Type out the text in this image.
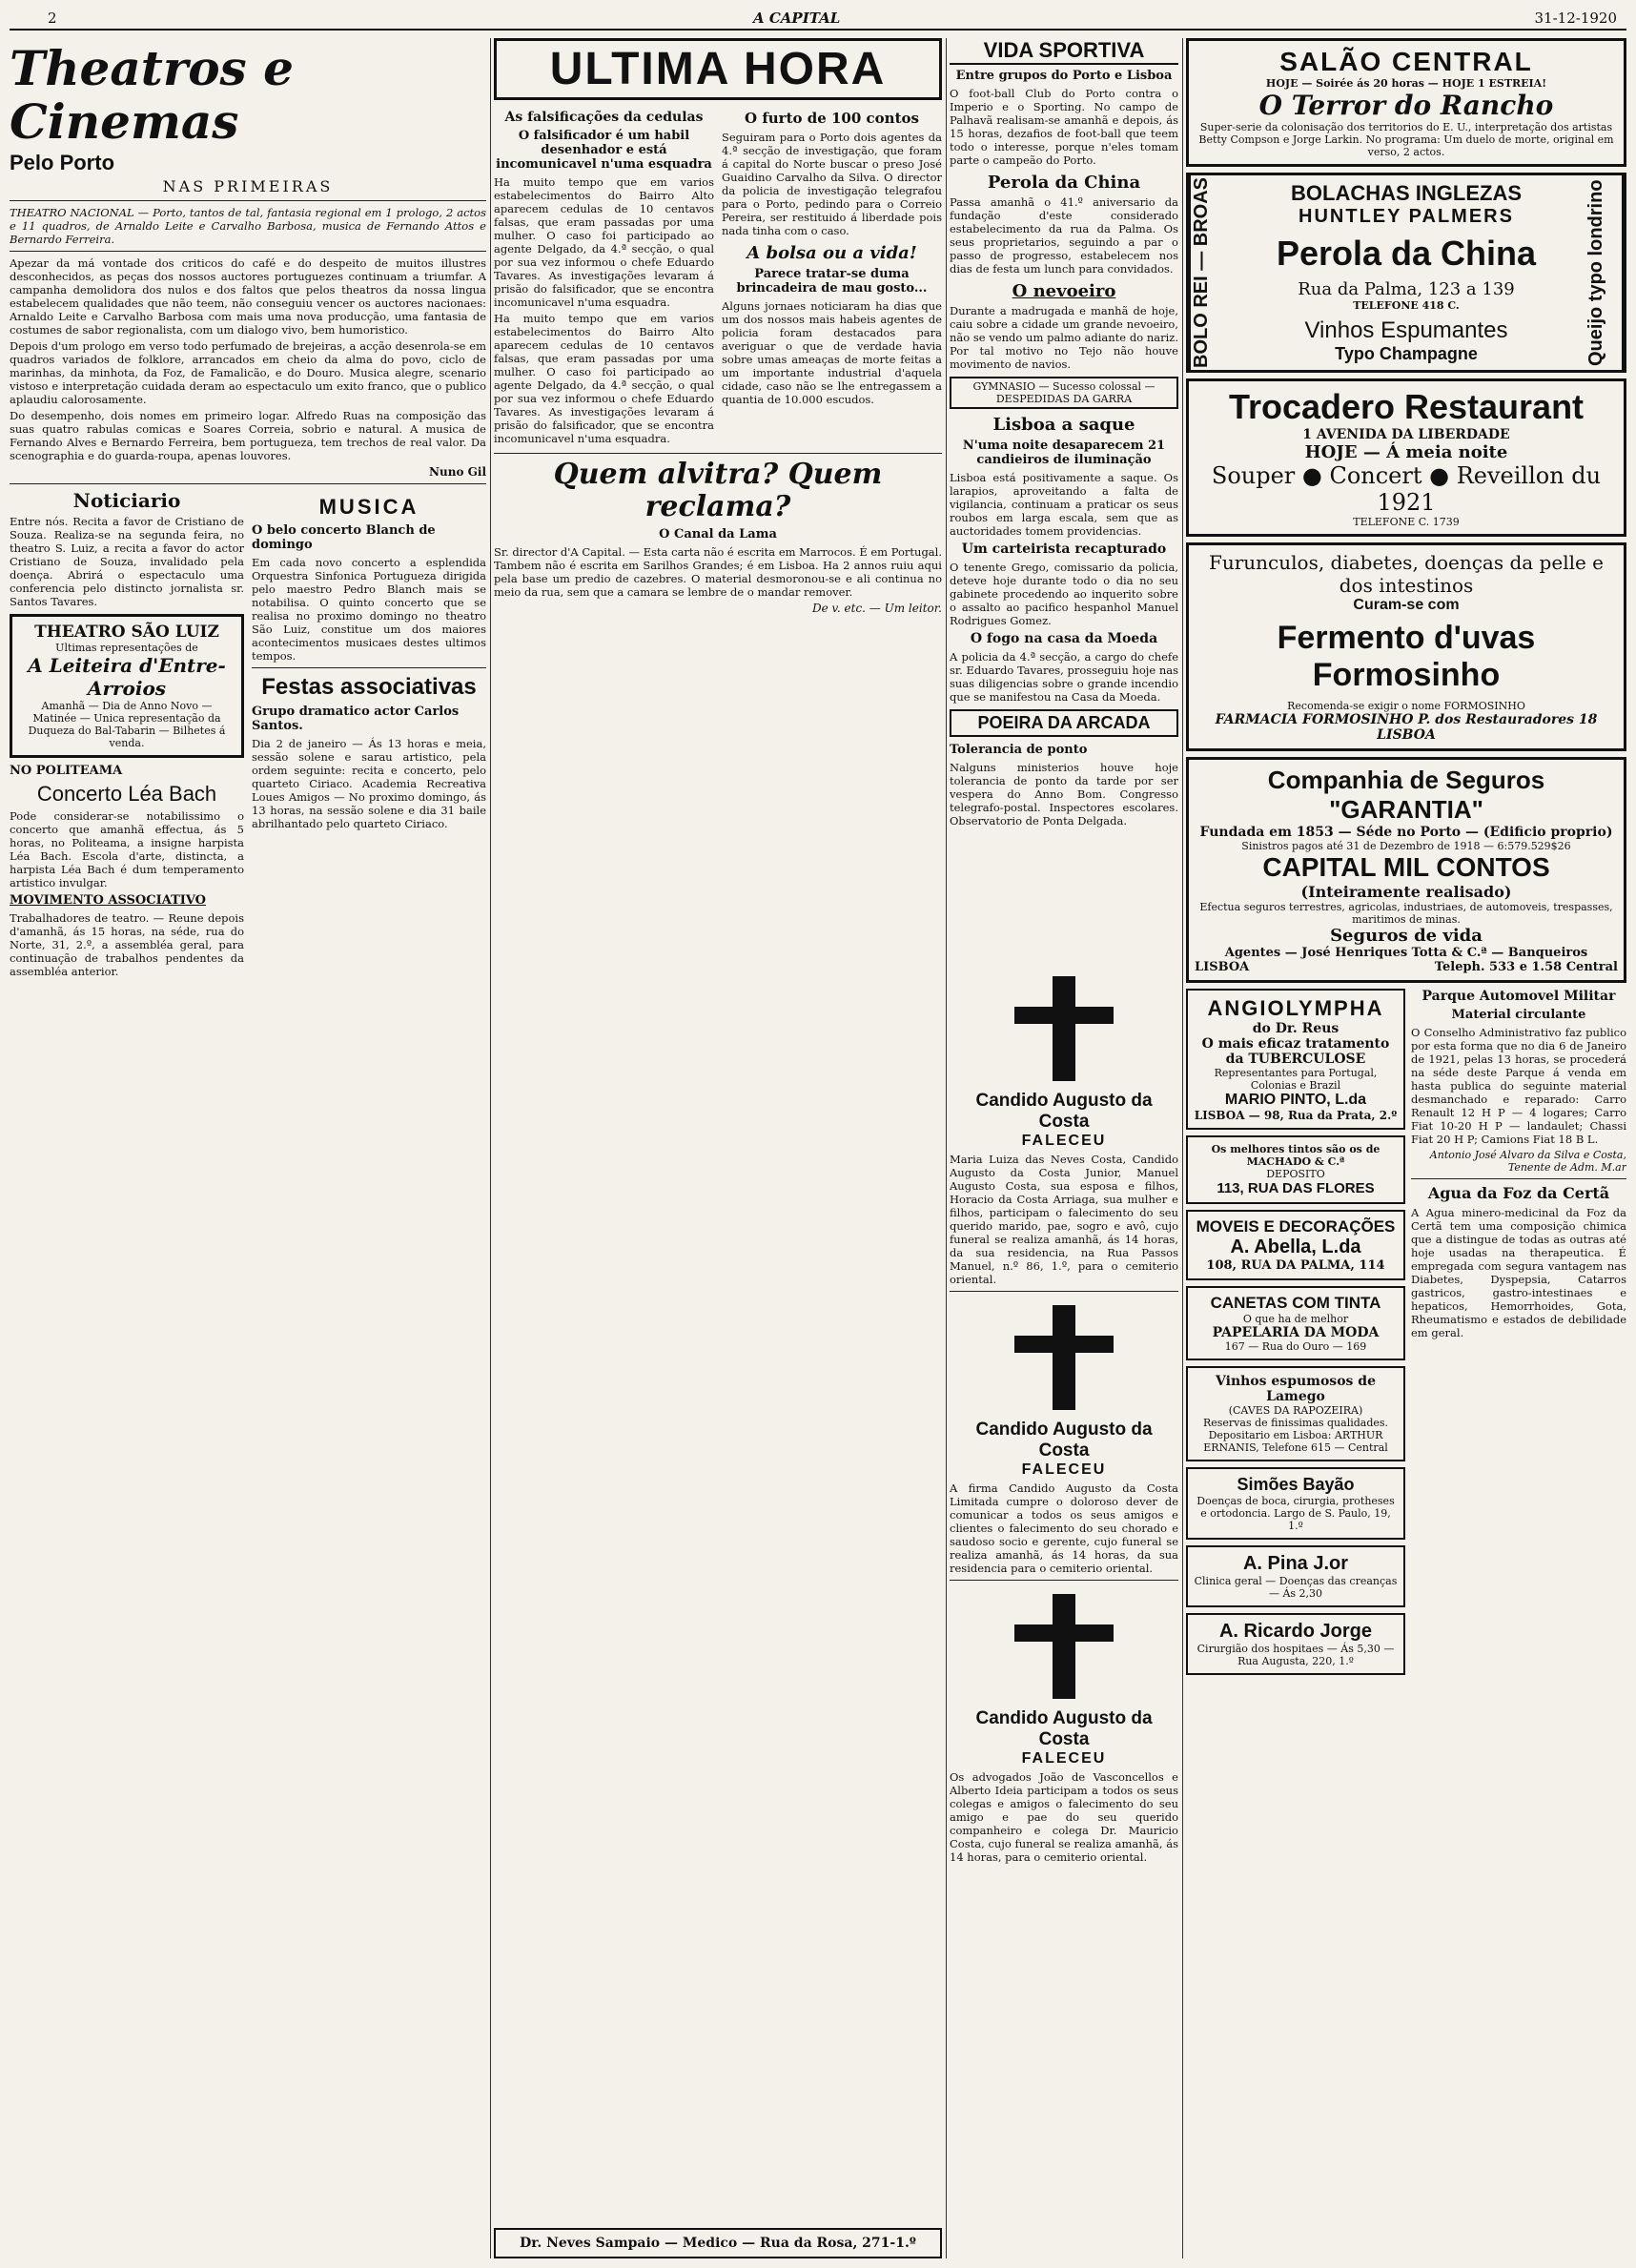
2	A CAPITAL	31-12-1920
Theatros e Cinemas
Pelo Porto
NAS PRIMEIRAS
THEATRO NACIONAL — Porto, tantos de tal, fantasia regional em 1 prologo, 2 actos e 11 quadros, de Arnaldo Leite e Carvalho Barbosa, musica de Fernando Attos e Bernardo Ferreira.
Apezar da má vontade dos criticos do café e do despeito de muitos illustres desconhecidos, as peças dos nossos auctores portuguezes continuam a triumfar. A campanha demolidora dos nulos e dos faltos que pelos theatros da nossa lingua estabelecem qualidades que não teem, não conseguiu vencer os auctores nacionaes: Arnaldo Leite e Carvalho Barbosa com mais uma nova producção, uma fantasia de costumes de sabor regionalista, com um dialogo vivo, bem humoristico.
Depois d'um prologo em verso todo perfumado de brejeiras, a acção desenrola-se em quadros variados de folklore, arrancados em cheio da alma do povo, ciclo de marinhas, da minhota, da Foz, de Famalicão, e do Douro. Musica alegre, scenario vistoso e interpretação cuidada deram ao espectaculo um exito franco, que o publico aplaudiu calorosamente.
Do desempenho, dois nomes em primeiro logar. Alfredo Ruas na composição das suas quatro rabulas comicas e Soares Correia, sobrio e natural. A musica de Fernando Alves e Bernardo Ferreira, bem portugueza, tem trechos de real valor. Da scenographia e do guarda-roupa, apenas louvores.
Nuno Gil
Noticiario
Entre nós. Recita a favor de Cristiano de Souza. Realiza-se na segunda feira, no theatro S. Luiz, a recita a favor do actor Cristiano de Souza, invalidado pela doença. Abrirá o espectaculo uma conferencia pelo distincto jornalista sr. Santos Tavares.
THEATRO SÃO LUIZ
Ultimas representações de
A Leiteira d'Entre-Arroios
Amanhã — Dia de Anno Novo — Matinée — Unica representação da Duqueza do Bal-Tabarin — Bilhetes á venda.
NO POLITEAMA
Concerto Léa Bach
Pode considerar-se notabilissimo o concerto que amanhã effectua, ás 5 horas, no Politeama, a insigne harpista Léa Bach. Escola d'arte, distincta, a harpista Léa Bach é dum temperamento artistico invulgar.
MOVIMENTO ASSOCIATIVO
Trabalhadores de teatro. — Reune depois d'amanhã, ás 15 horas, na séde, rua do Norte, 31, 2.º, a assembléa geral, para continuação de trabalhos pendentes da assembléa anterior.
MUSICA
O belo concerto Blanch de domingo
Em cada novo concerto a esplendida Orquestra Sinfonica Portugueza dirigida pelo maestro Pedro Blanch mais se notabilisa. O quinto concerto que se realisa no proximo domingo no theatro São Luiz, constitue um dos maiores acontecimentos musicaes destes ultimos tempos.
Festas associativas
Grupo dramatico actor Carlos Santos.
Dia 2 de janeiro — Ás 13 horas e meia, sessão solene e sarau artistico, pela ordem seguinte: recita e concerto, pelo quarteto Ciriaco. Academia Recreativa Loues Amigos — No proximo domingo, ás 13 horas, na sessão solene e dia 31 baile abrilhantado pelo quarteto Ciriaco.
ULTIMA HORA
As falsificações da cedulas
O falsificador é um habil desenhador e está incomunicavel n'uma esquadra
Ha muito tempo que em varios estabelecimentos do Bairro Alto aparecem cedulas de 10 centavos falsas, que eram passadas por uma mulher. O caso foi participado ao agente Delgado, da 4.ª secção, o qual por sua vez informou o chefe Eduardo Tavares. As investigações levaram á prisão do falsificador, que se encontra incomunicavel n'uma esquadra.
Ha muito tempo que em varios estabelecimentos do Bairro Alto aparecem cedulas de 10 centavos falsas, que eram passadas por uma mulher. O caso foi participado ao agente Delgado, da 4.ª secção, o qual por sua vez informou o chefe Eduardo Tavares. As investigações levaram á prisão do falsificador, que se encontra incomunicavel n'uma esquadra.
O furto de 100 contos
Seguiram para o Porto dois agentes da 4.ª secção de investigação, que foram á capital do Norte buscar o preso José Guaidino Carvalho da Silva. O director da policia de investigação telegrafou para o Porto, pedindo para o Correio Pereira, ser restituido á liberdade pois nada tinha com o caso.
A bolsa ou a vida!
Parece tratar-se duma brincadeira de mau gosto...
Alguns jornaes noticiaram ha dias que um dos nossos mais habeis agentes de policia foram destacados para averiguar o que de verdade havia sobre umas ameaças de morte feitas a um importante industrial d'aquela cidade, caso não se lhe entregassem a quantia de 10.000 escudos.
Quem alvitra? Quem reclama?
O Canal da Lama
Sr. director d'A Capital. — Esta carta não é escrita em Marrocos. É em Portugal. Tambem não é escrita em Sarilhos Grandes; é em Lisboa. Ha 2 annos ruiu aqui pela base um predio de cazebres. O material desmoronou-se e ali continua no meio da rua, sem que a camara se lembre de o mandar remover.
De v. etc. — Um leitor.
Dr. Neves Sampaio — Medico — Rua da Rosa, 271-1.º
VIDA SPORTIVA
Entre grupos do Porto e Lisboa
O foot-ball Club do Porto contra o Imperio e o Sporting. No campo de Palhavã realisam-se amanhã e depois, ás 15 horas, dezafios de foot-ball que teem todo o interesse, porque n'eles tomam parte o campeão do Porto.
Perola da China
Passa amanhã o 41.º aniversario da fundação d'este considerado estabelecimento da rua da Palma. Os seus proprietarios, seguindo a par o passo de progresso, estabelecem nos dias de festa um lunch para convidados.
O nevoeiro
Durante a madrugada e manhã de hoje, caiu sobre a cidade um grande nevoeiro, não se vendo um palmo adiante do nariz. Por tal motivo no Tejo não houve movimento de navios.
GYMNASIO — Sucesso colossal — DESPEDIDAS DA GARRA
Lisboa a saque
N'uma noite desaparecem 21 candieiros de iluminação
Lisboa está positivamente a saque. Os larapios, aproveitando a falta de vigilancia, continuam a praticar os seus roubos em larga escala, sem que as auctoridades tomem providencias.
Um carteirista recapturado
O tenente Grego, comissario da policia, deteve hoje durante todo o dia no seu gabinete procedendo ao inquerito sobre o assalto ao pacifico hespanhol Manuel Rodrigues Gomez.
O fogo na casa da Moeda
A policia da 4.ª secção, a cargo do chefe sr. Eduardo Tavares, prosseguiu hoje nas suas diligencias sobre o grande incendio que se manifestou na Casa da Moeda.
POEIRA DA ARCADA
Tolerancia de ponto
Nalguns ministerios houve hoje tolerancia de ponto da tarde por ser vespera do Anno Bom. Congresso telegrafo-postal. Inspectores escolares. Observatorio de Ponta Delgada.
SALÃO CENTRAL
HOJE — Soirée ás 20 horas — HOJE 1 ESTREIA!
O Terror do Rancho
Super-serie da colonisação dos territorios do E. U., interpretação dos artistas Betty Compson e Jorge Larkin. No programa: Um duelo de morte, original em verso, 2 actos.
BOLO REI — BROAS	BOLACHAS INGLEZAS
HUNTLEY PALMERS
Perola da China
Rua da Palma, 123 a 139
TELEFONE 418 C.
Vinhos Espumantes
Typo Champagne	Queijo typo londrino
Trocadero Restaurant
1 AVENIDA DA LIBERDADE
HOJE — Á meia noite
Souper ● Concert ● Reveillon du 1921
TELEFONE C. 1739
Furunculos, diabetes, doenças da pelle e dos intestinos
Curam-se com
Fermento d'uvas Formosinho
Recomenda-se exigir o nome FORMOSINHO
FARMACIA FORMOSINHO P. dos Restauradores 18 LISBOA
Companhia de Seguros "GARANTIA"
Fundada em 1853 — Séde no Porto — (Edificio proprio)
Sinistros pagos até 31 de Dezembro de 1918 — 6:579.529$26
CAPITAL MIL CONTOS
(Inteiramente realisado)
Efectua seguros terrestres, agricolas, industriaes, de automoveis, trespasses, maritimos de minas.
Seguros de vida
Agentes — José Henriques Totta & C.ª — Banqueiros
LISBOA	Teleph. 533 e 1.58 Central
ANGIOLYMPHA
do Dr. Reus
O mais eficaz tratamento da TUBERCULOSE
Representantes para Portugal, Colonias e Brazil
MARIO PINTO, L.da
LISBOA — 98, Rua da Prata, 2.º
Os melhores tintos são os de MACHADO & C.ª
DEPOSITO
113, RUA DAS FLORES
MOVEIS E DECORAÇÕES
A. Abella, L.da
108, RUA DA PALMA, 114
CANETAS COM TINTA
O que ha de melhor
PAPELARIA DA MODA
167 — Rua do Ouro — 169
Vinhos espumosos de Lamego
(CAVES DA RAPOZEIRA)
Reservas de finissimas qualidades. Depositario em Lisboa: ARTHUR ERNANIS, Telefone 615 — Central
Simões Bayão
Doenças de boca, cirurgia, protheses e ortodoncia. Largo de S. Paulo, 19, 1.º
A. Pina J.or
Clinica geral — Doenças das creanças — Ás 2,30
A. Ricardo Jorge
Cirurgião dos hospitaes — Ás 5,30 — Rua Augusta, 220, 1.º
Parque Automovel Militar
Material circulante
O Conselho Administrativo faz publico por esta forma que no dia 6 de Janeiro de 1921, pelas 13 horas, se procederá na séde deste Parque á venda em hasta publica do seguinte material desmanchado e reparado: Carro Renault 12 H P — 4 logares; Carro Fiat 10-20 H P — landaulet; Chassi Fiat 20 H P; Camions Fiat 18 B L.
Antonio José Alvaro da Silva e Costa, Tenente de Adm. M.ar
Agua da Foz da Certã
A Agua minero-medicinal da Foz da Certã tem uma composição chimica que a distingue de todas as outras até hoje usadas na therapeutica. É empregada com segura vantagem nas Diabetes, Dyspepsia, Catarros gastricos, gastro-intestinaes e hepaticos, Hemorrhoides, Gota, Rheumatismo e estados de debilidade em geral.
Candido Augusto da Costa
FALECEU
Maria Luiza das Neves Costa, Candido Augusto da Costa Junior, Manuel Augusto Costa, sua esposa e filhos, Horacio da Costa Arriaga, sua mulher e filhos, participam o falecimento do seu querido marido, pae, sogro e avô, cujo funeral se realiza amanhã, ás 14 horas, da sua residencia, na Rua Passos Manuel, n.º 86, 1.º, para o cemiterio oriental.
Candido Augusto da Costa
FALECEU
A firma Candido Augusto da Costa Limitada cumpre o doloroso dever de comunicar a todos os seus amigos e clientes o falecimento do seu chorado e saudoso socio e gerente, cujo funeral se realiza amanhã, ás 14 horas, da sua residencia para o cemiterio oriental.
Candido Augusto da Costa
FALECEU
Os advogados João de Vasconcellos e Alberto Ideia participam a todos os seus colegas e amigos o falecimento do seu amigo e pae do seu querido companheiro e colega Dr. Mauricio Costa, cujo funeral se realiza amanhã, ás 14 horas, para o cemiterio oriental.
